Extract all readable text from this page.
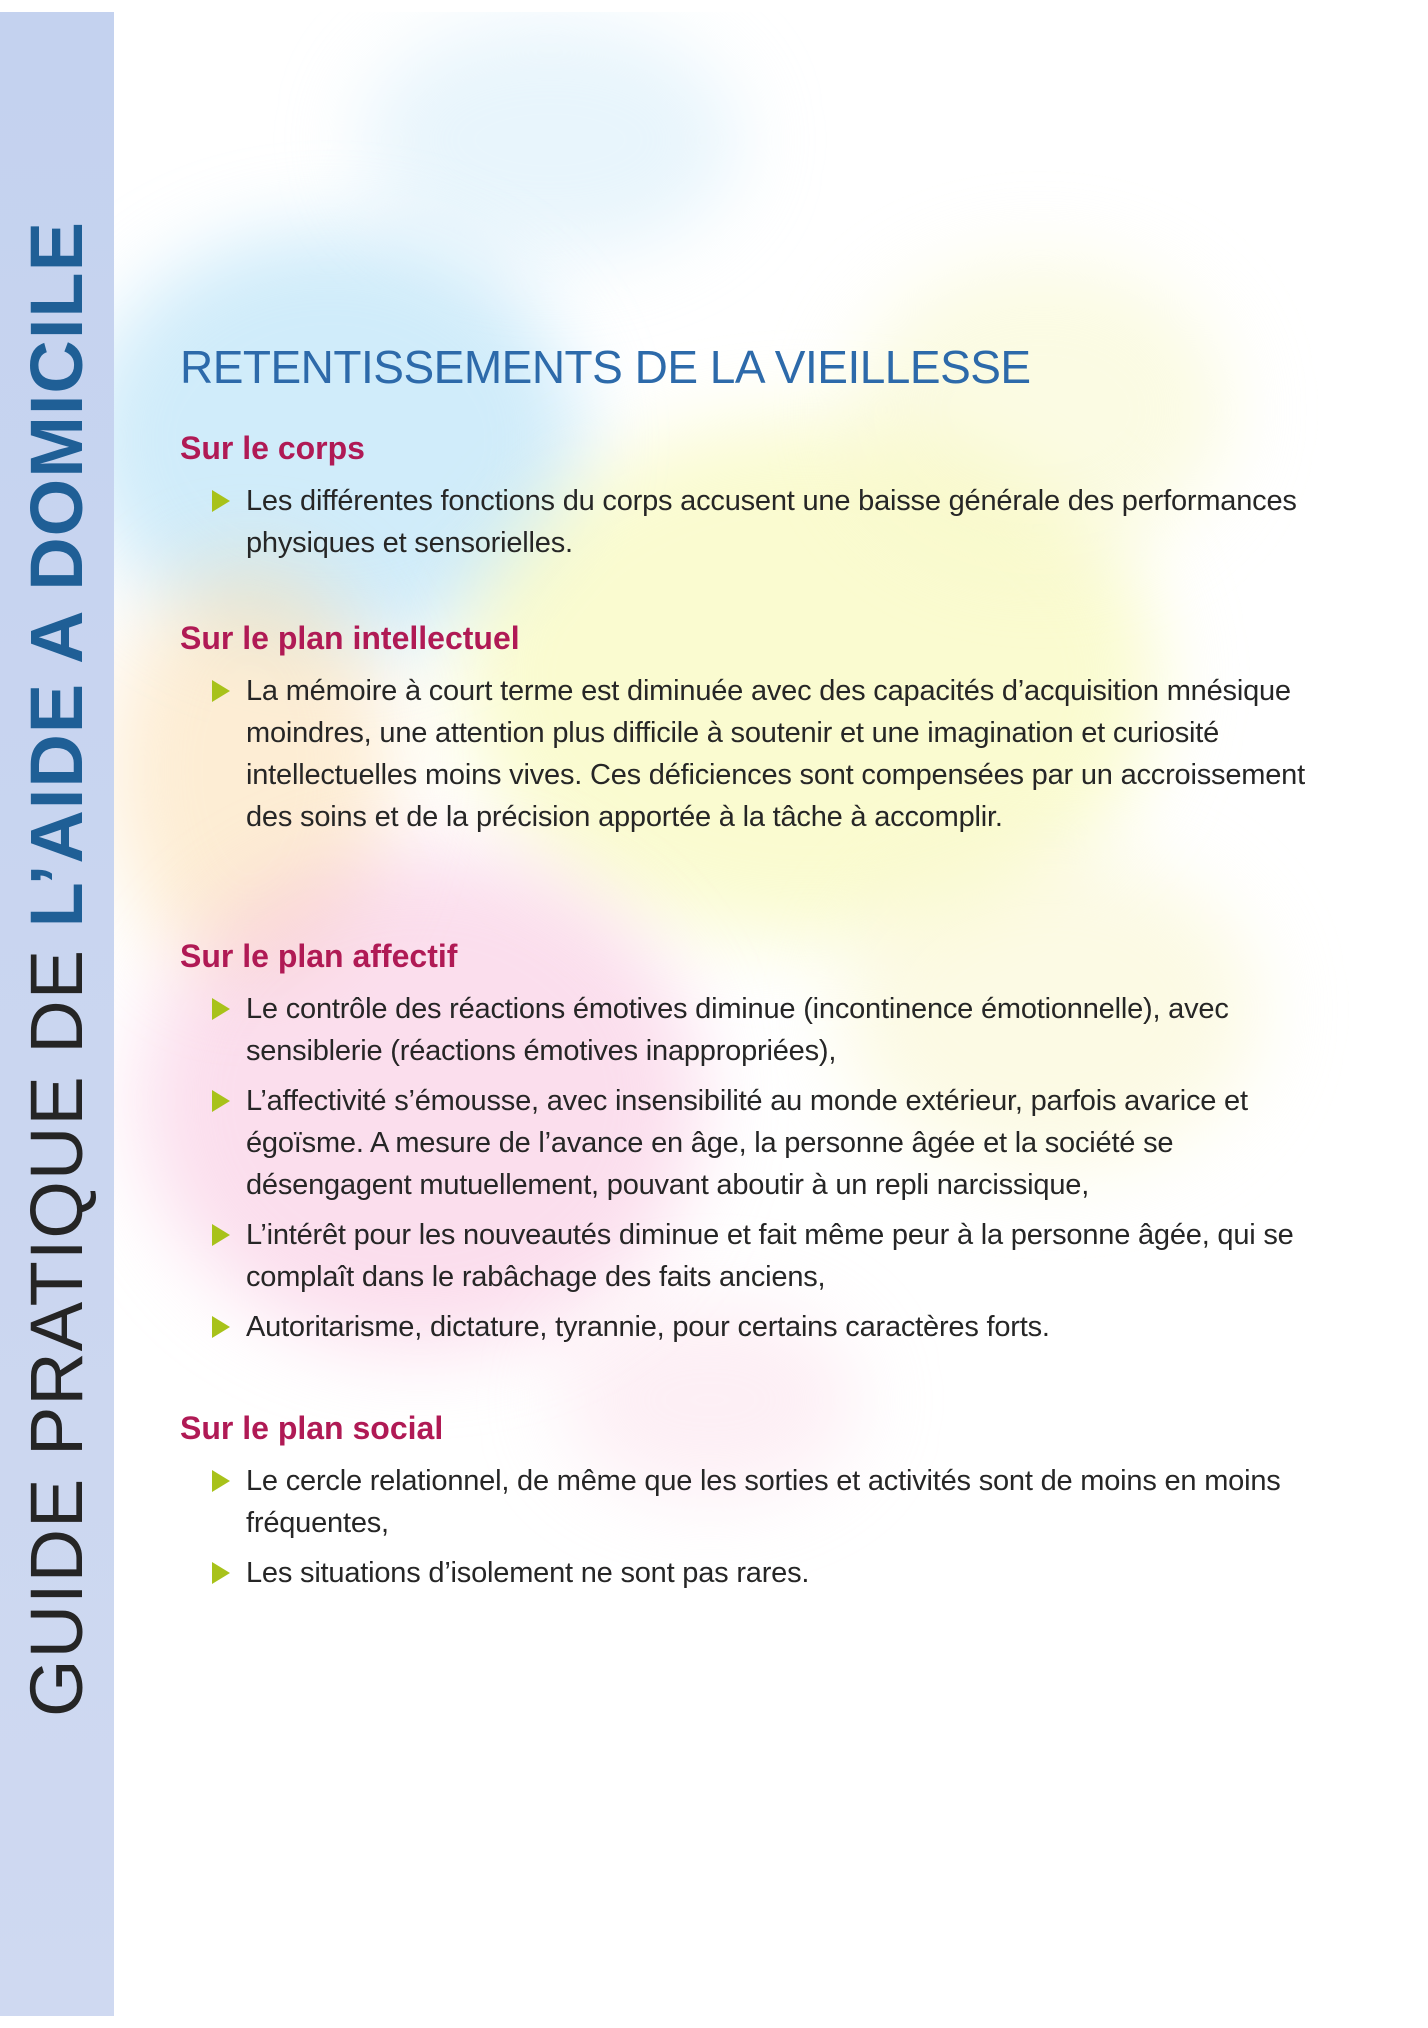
GUIDE PRATIQUE DE L’AIDE A DOMICILE RETENTISSEMENTS DE LA VIEILLESSE
Sur le corps
Les différentes fonctions du corps accusent une baisse générale des performances physiques et sensorielles.
Sur le plan intellectuel
La mémoire à court terme est diminuée avec des capacités d’acquisition mnésique moindres, une attention plus difficile à soutenir et une imagination et curiosité intellectuelles moins vives. Ces déficiences sont compensées par un accroissement des soins et de la précision apportée à la tâche à accomplir.
Sur le plan affectif
Le contrôle des réactions émotives diminue (incontinence émotionnelle), avec sensiblerie (réactions émotives inappropriées),
L’affectivité s’émousse, avec insensibilité au monde extérieur, parfois avarice et égoïsme. A mesure de l’avance en âge, la personne âgée et la société se désengagent mutuellement, pouvant aboutir à un repli narcissique,
L’intérêt pour les nouveautés diminue et fait même peur à la personne âgée, qui se complaît dans le rabâchage des faits anciens,
Autoritarisme, dictature, tyrannie, pour certains caractères forts.
Sur le plan social
Le cercle relationnel, de même que les sorties et activités sont de moins en moins fréquentes,
Les situations d’isolement ne sont pas rares.
